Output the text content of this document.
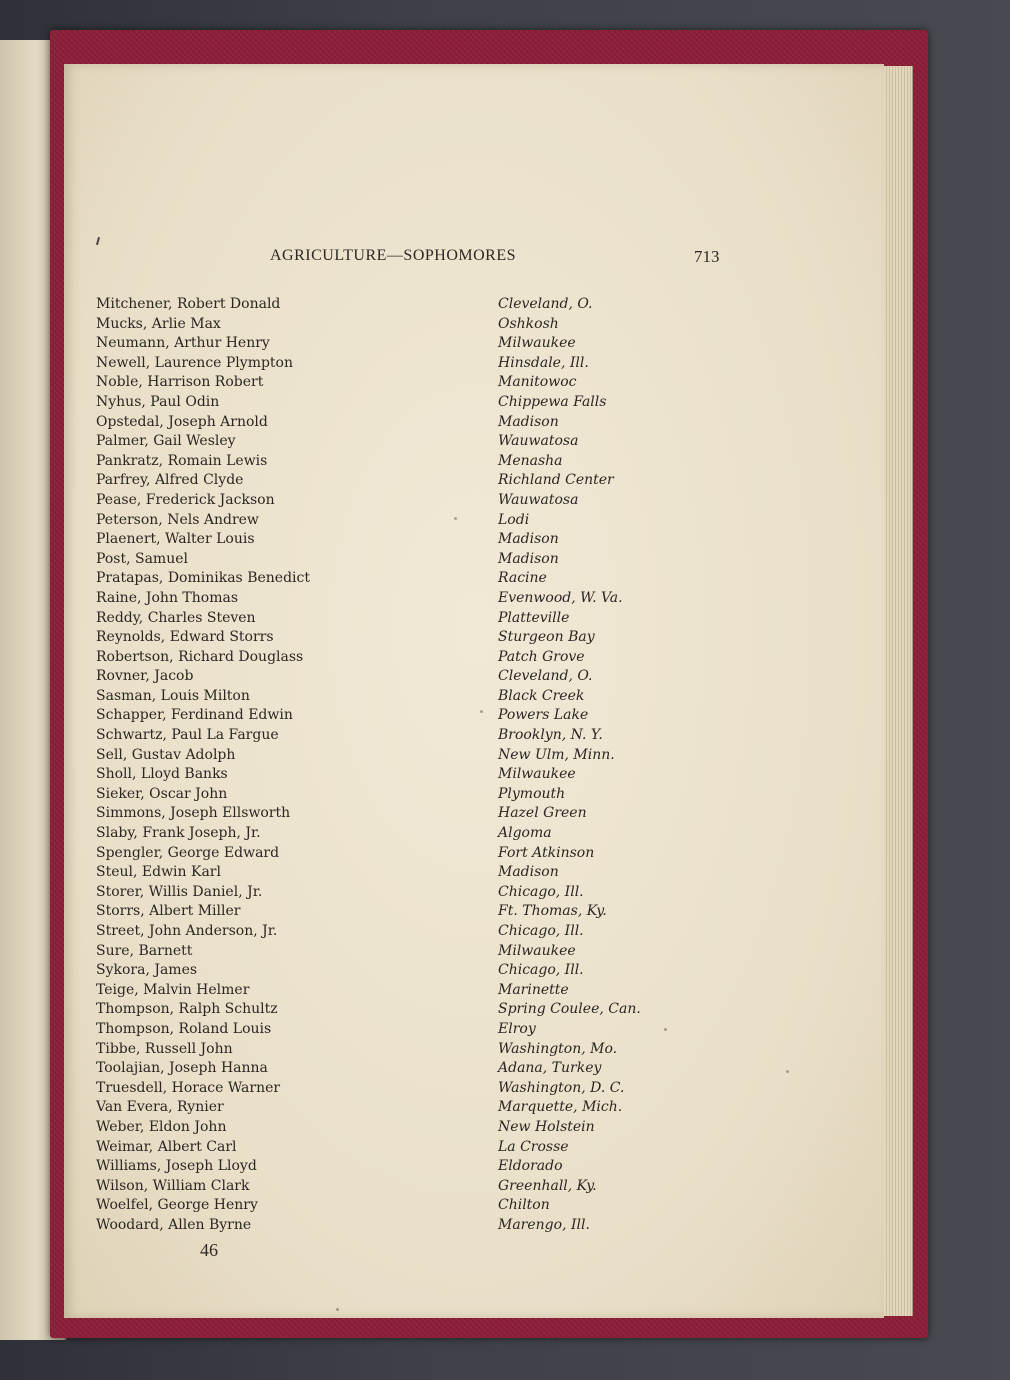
AGRICULTURE—SOPHOMORES	713
Mitchener, Robert Donald	Cleveland, O.
Mucks, Arlie Max	Oshkosh
Neumann, Arthur Henry	Milwaukee
Newell, Laurence Plympton	Hinsdale, Ill.
Noble, Harrison Robert	Manitowoc
Nyhus, Paul Odin	Chippewa Falls
Opstedal, Joseph Arnold	Madison
Palmer, Gail Wesley	Wauwatosa
Pankratz, Romain Lewis	Menasha
Parfrey, Alfred Clyde	Richland Center
Pease, Frederick Jackson	Wauwatosa
Peterson, Nels Andrew	Lodi
Plaenert, Walter Louis	Madison
Post, Samuel	Madison
Pratapas, Dominikas Benedict	Racine
Raine, John Thomas	Evenwood, W. Va.
Reddy, Charles Steven	Platteville
Reynolds, Edward Storrs	Sturgeon Bay
Robertson, Richard Douglass	Patch Grove
Rovner, Jacob	Cleveland, O.
Sasman, Louis Milton	Black Creek
Schapper, Ferdinand Edwin	Powers Lake
Schwartz, Paul La Fargue	Brooklyn, N. Y.
Sell, Gustav Adolph	New Ulm, Minn.
Sholl, Lloyd Banks	Milwaukee
Sieker, Oscar John	Plymouth
Simmons, Joseph Ellsworth	Hazel Green
Slaby, Frank Joseph, Jr.	Algoma
Spengler, George Edward	Fort Atkinson
Steul, Edwin Karl	Madison
Storer, Willis Daniel, Jr.	Chicago, Ill.
Storrs, Albert Miller	Ft. Thomas, Ky.
Street, John Anderson, Jr.	Chicago, Ill.
Sure, Barnett	Milwaukee
Sykora, James	Chicago, Ill.
Teige, Malvin Helmer	Marinette
Thompson, Ralph Schultz	Spring Coulee, Can.
Thompson, Roland Louis	Elroy
Tibbe, Russell John	Washington, Mo.
Toolajian, Joseph Hanna	Adana, Turkey
Truesdell, Horace Warner	Washington, D. C.
Van Evera, Rynier	Marquette, Mich.
Weber, Eldon John	New Holstein
Weimar, Albert Carl	La Crosse
Williams, Joseph Lloyd	Eldorado
Wilson, William Clark	Greenhall, Ky.
Woelfel, George Henry	Chilton
Woodard, Allen Byrne	Marengo, Ill.
46
